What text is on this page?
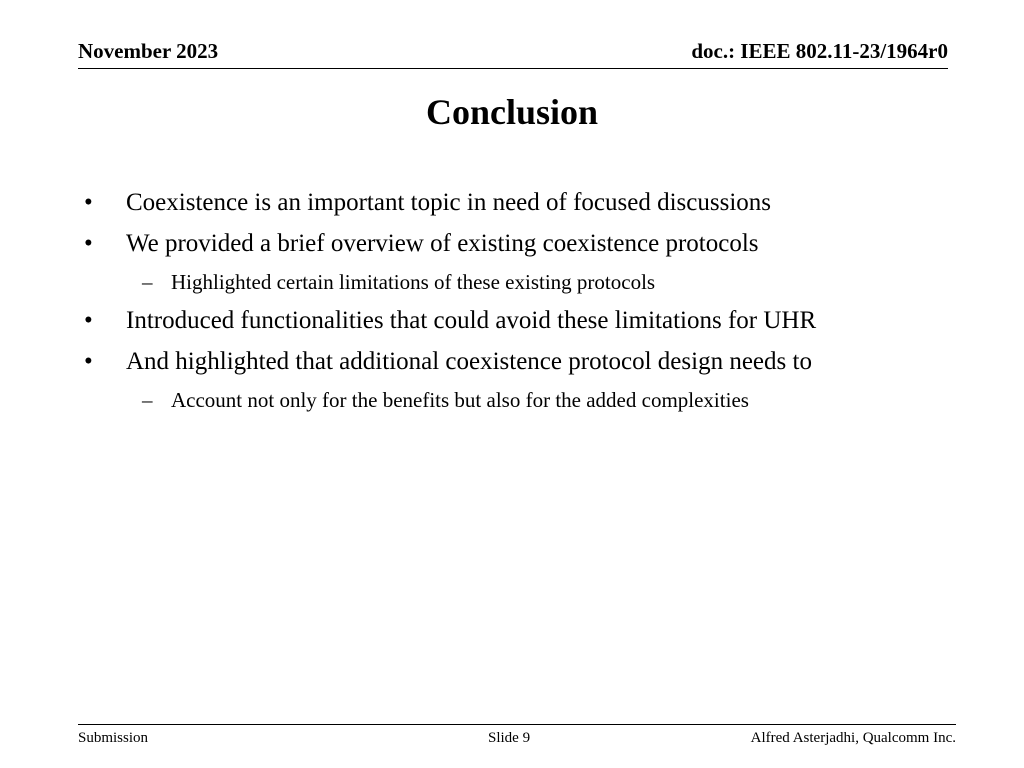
November 2023	doc.: IEEE 802.11-23/1964r0
Conclusion
•	Coexistence is an important topic in need of focused discussions
•	We provided a brief overview of existing coexistence protocols
– Highlighted certain limitations of these existing protocols
•	Introduced functionalities that could avoid these limitations for UHR
•	And highlighted that additional coexistence protocol design needs to
– Account not only for the benefits but also for the added complexities
Submission	Slide 9	Alfred Asterjadhi, Qualcomm Inc.
